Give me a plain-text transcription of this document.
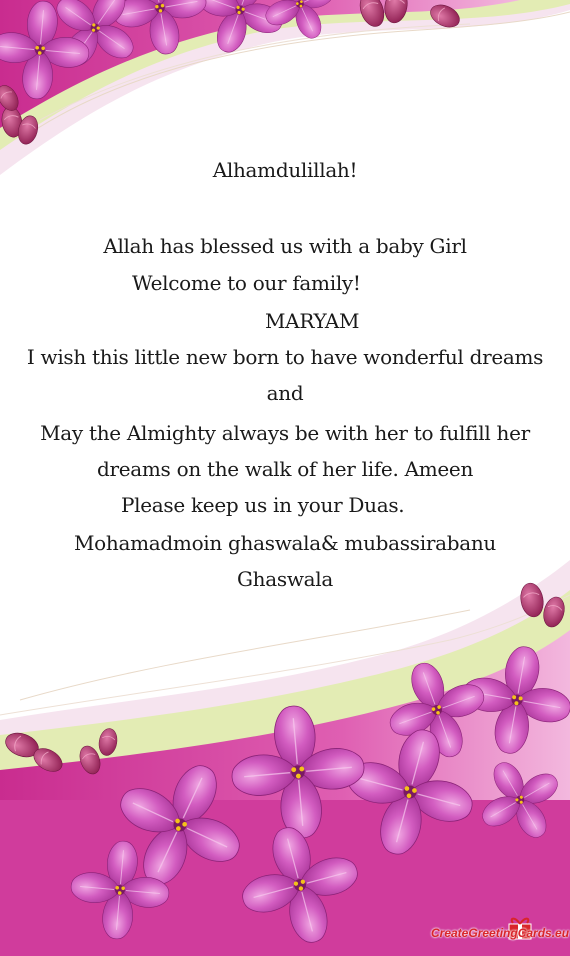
Alhamdulillah!
Allah has blessed us with a baby Girl
Welcome to our family!
MARYAM
I wish this little new born to have wonderful dreams
and
May the Almighty always be with her to fulfill her
dreams on the walk of her life. Ameen
Please keep us in your Duas.
Mohamadmoin ghaswala& mubassirabanu
Ghaswala
CreateGreetingCards.eu
